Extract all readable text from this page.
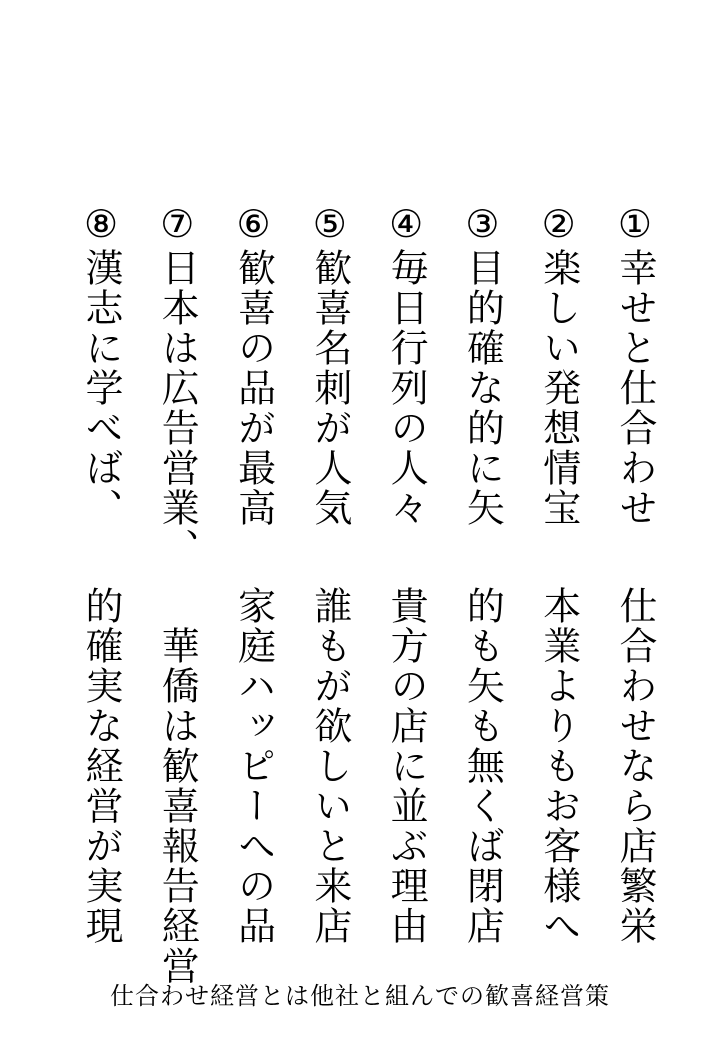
①幸せと仕合わせ仕合わせなら店繁栄
②楽しい発想情宝本業よりもお客様へ
③目的確な的に矢的も矢も無くば閉店
④毎日行列の人々貴方の店に並ぶ理由
⑤歓喜名刺が人気誰もが欲しいと来店
⑥歓喜の品が最高家庭ハッピーへの品
⑦日本は広告営業、華僑は歓喜報告経営
⑧漢志に学べば、的確実な経営が実現
仕合わせ経営とは他社と組んでの歓喜経営策
